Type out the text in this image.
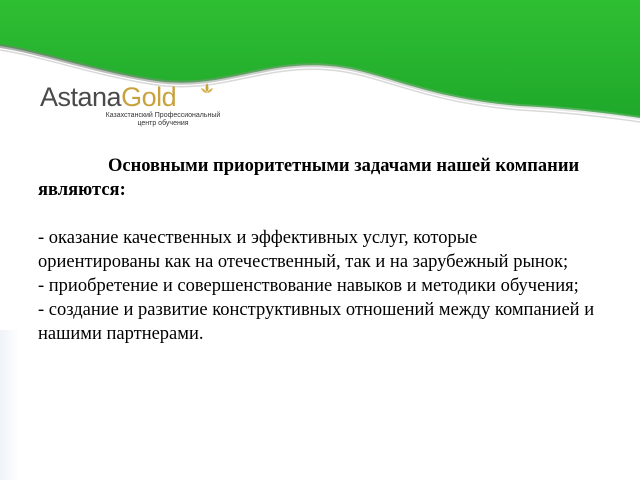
AstanaGold
Казахстанский Профессиональный центр обучения

Основными приоритетными задачами нашей компании являются:

- оказание качественных и эффективных услуг, которые ориентированы как на отечественный, так и на зарубежный рынок;

- приобретение и совершенствование навыков и методики обучения;

- создание и развитие конструктивных отношений между компанией и нашими партнерами.
